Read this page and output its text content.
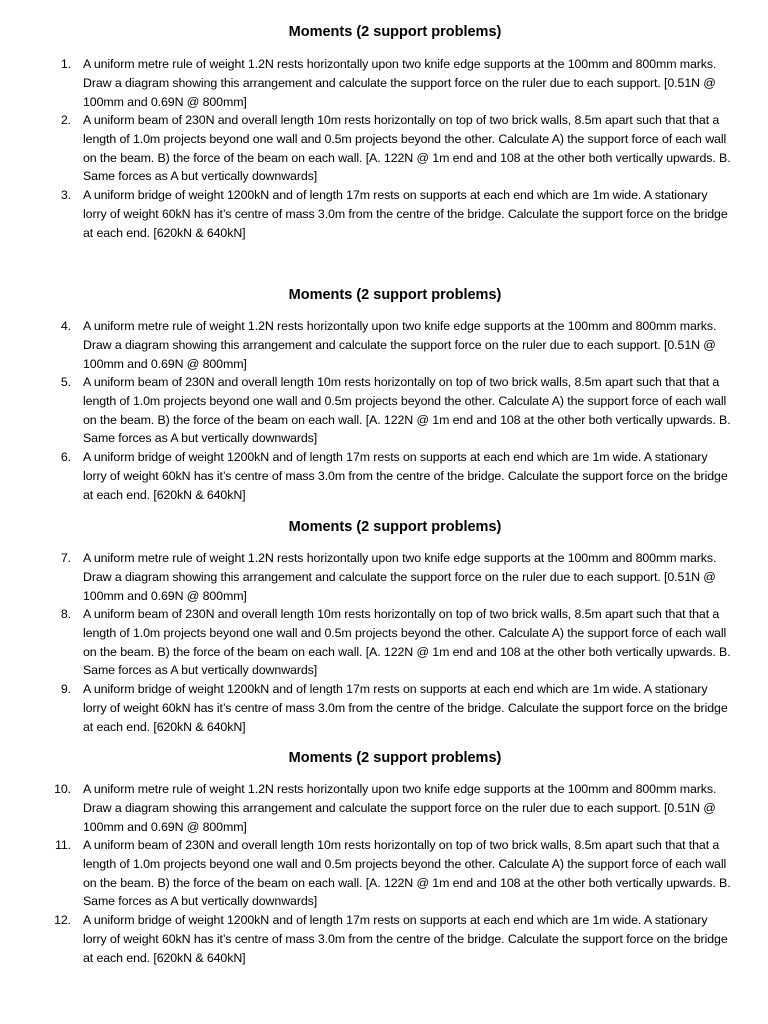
Moments (2 support problems)
1. A uniform metre rule of weight 1.2N rests horizontally upon two knife edge supports at the 100mm and 800mm marks. Draw a diagram showing this arrangement and calculate the support force on the ruler due to each support. [0.51N @ 100mm and 0.69N @ 800mm]
2. A uniform beam of 230N and overall length 10m rests horizontally on top of two brick walls, 8.5m apart such that that a length of 1.0m projects beyond one wall and 0.5m projects beyond the other. Calculate A) the support force of each wall on the beam. B) the force of the beam on each wall. [A. 122N @ 1m end and 108 at the other both vertically upwards. B. Same forces as A but vertically downwards]
3. A uniform bridge of weight 1200kN and of length 17m rests on supports at each end which are 1m wide. A stationary lorry of weight 60kN has it’s centre of mass 3.0m from the centre of the bridge. Calculate the support force on the bridge at each end. [620kN & 640kN]
Moments (2 support problems)
4. A uniform metre rule of weight 1.2N rests horizontally upon two knife edge supports at the 100mm and 800mm marks. Draw a diagram showing this arrangement and calculate the support force on the ruler due to each support. [0.51N @ 100mm and 0.69N @ 800mm]
5. A uniform beam of 230N and overall length 10m rests horizontally on top of two brick walls, 8.5m apart such that that a length of 1.0m projects beyond one wall and 0.5m projects beyond the other. Calculate A) the support force of each wall on the beam. B) the force of the beam on each wall. [A. 122N @ 1m end and 108 at the other both vertically upwards. B. Same forces as A but vertically downwards]
6. A uniform bridge of weight 1200kN and of length 17m rests on supports at each end which are 1m wide. A stationary lorry of weight 60kN has it’s centre of mass 3.0m from the centre of the bridge. Calculate the support force on the bridge at each end. [620kN & 640kN]
Moments (2 support problems)
7. A uniform metre rule of weight 1.2N rests horizontally upon two knife edge supports at the 100mm and 800mm marks. Draw a diagram showing this arrangement and calculate the support force on the ruler due to each support. [0.51N @ 100mm and 0.69N @ 800mm]
8. A uniform beam of 230N and overall length 10m rests horizontally on top of two brick walls, 8.5m apart such that that a length of 1.0m projects beyond one wall and 0.5m projects beyond the other. Calculate A) the support force of each wall on the beam. B) the force of the beam on each wall. [A. 122N @ 1m end and 108 at the other both vertically upwards. B. Same forces as A but vertically downwards]
9. A uniform bridge of weight 1200kN and of length 17m rests on supports at each end which are 1m wide. A stationary lorry of weight 60kN has it’s centre of mass 3.0m from the centre of the bridge. Calculate the support force on the bridge at each end. [620kN & 640kN]
Moments (2 support problems)
10. A uniform metre rule of weight 1.2N rests horizontally upon two knife edge supports at the 100mm and 800mm marks. Draw a diagram showing this arrangement and calculate the support force on the ruler due to each support. [0.51N @ 100mm and 0.69N @ 800mm]
11. A uniform beam of 230N and overall length 10m rests horizontally on top of two brick walls, 8.5m apart such that that a length of 1.0m projects beyond one wall and 0.5m projects beyond the other. Calculate A) the support force of each wall on the beam. B) the force of the beam on each wall. [A. 122N @ 1m end and 108 at the other both vertically upwards. B. Same forces as A but vertically downwards]
12. A uniform bridge of weight 1200kN and of length 17m rests on supports at each end which are 1m wide. A stationary lorry of weight 60kN has it’s centre of mass 3.0m from the centre of the bridge. Calculate the support force on the bridge at each end. [620kN & 640kN]
